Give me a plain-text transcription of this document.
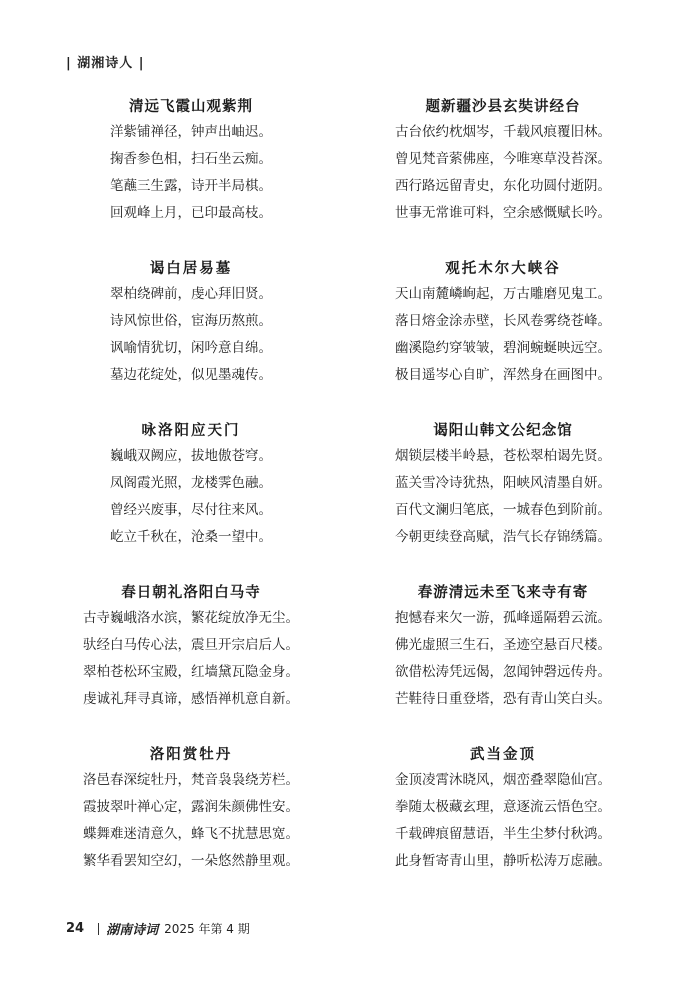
| 湖湘诗人 |
清远飞霞山观紫荆
洋紫铺禅径，钟声出岫迟。
掬香参色相，扫石坐云痴。
笔蘸三生露，诗开半局棋。
回观峰上月，已印最高枝。
谒白居易墓
翠柏绕碑前，虔心拜旧贤。
诗风惊世俗，宦海历熬煎。
讽喻情犹切，闲吟意自绵。
墓边花绽处，似见墨魂传。
咏洛阳应天门
巍峨双阙应，拔地傲苍穹。
凤阁霞光照，龙楼霁色融。
曾经兴废事，尽付往来风。
屹立千秋在，沧桑一望中。
春日朝礼洛阳白马寺
古寺巍峨洛水滨，繁花绽放净无尘。
驮经白马传心法，震旦开宗启后人。
翠柏苍松环宝殿，红墙黛瓦隐金身。
虔诚礼拜寻真谛，感悟禅机意自新。
洛阳赏牡丹
洛邑春深绽牡丹，梵音袅袅绕芳栏。
霞披翠叶禅心定，露润朱颜佛性安。
蝶舞难迷清意久，蜂飞不扰慧思宽。
繁华看罢知空幻，一朵悠然静里观。
题新疆沙县玄奘讲经台
古台依约枕烟岑，千载风痕覆旧林。
曾见梵音萦佛座，今唯寒草没苔深。
西行路远留青史，东化功圆付逝阴。
世事无常谁可料，空余感慨赋长吟。
观托木尔大峡谷
天山南麓嶙峋起，万古雕磨见鬼工。
落日熔金涂赤壁，长风卷雾绕苍峰。
幽溪隐约穿皱皱，碧涧蜿蜒映远空。
极目遥岑心自旷，浑然身在画图中。
谒阳山韩文公纪念馆
烟锁层楼半岭悬，苍松翠柏谒先贤。
蓝关雪冷诗犹热，阳峡风清墨自妍。
百代文澜归笔底，一城春色到阶前。
今朝更续登高赋，浩气长存锦绣篇。
春游清远未至飞来寺有寄
抱憾春来欠一游，孤峰遥隔碧云流。
佛光虚照三生石，圣迹空悬百尺楼。
欲借松涛凭远偈，忽闻钟磬远传舟。
芒鞋待日重登塔，恐有青山笑白头。
武当金顶
金顶凌霄沐晓风，烟峦叠翠隐仙宫。
拳随太极藏玄理，意逐流云悟色空。
千载碑痕留慧语，半生尘梦付秋鸿。
此身暂寄青山里，静听松涛万虑融。
24 湖南诗词 2025 年第 4 期
